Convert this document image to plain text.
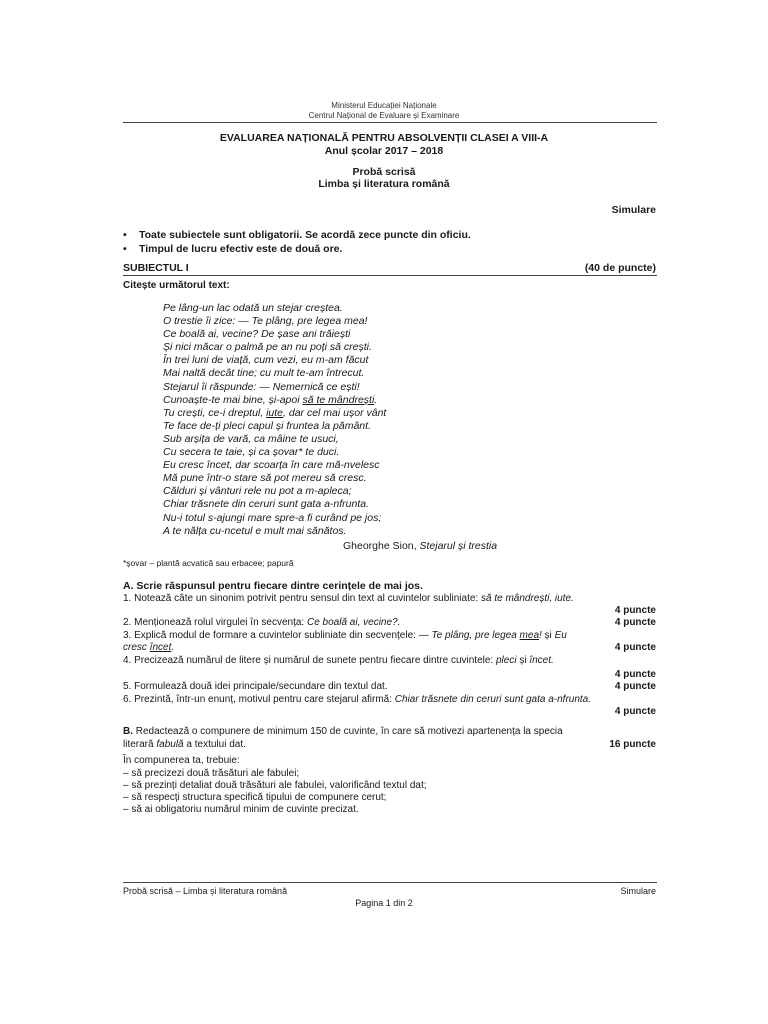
Ministerul Educației Naționale
Centrul Național de Evaluare și Examinare
EVALUAREA NAȚIONALĂ PENTRU ABSOLVENȚII CLASEI A VIII-A
Anul școlar 2017 – 2018
Probă scrisă
Limba și literatura română
Simulare
• Toate subiectele sunt obligatorii. Se acordă zece puncte din oficiu.
• Timpul de lucru efectiv este de două ore.
SUBIECTUL I	(40 de puncte)
Citește următorul text:
Pe lâng-un lac odată un stejar creștea.
O trestie îi zice: — Te plâng, pre legea mea!
Ce boală ai, vecine? De șase ani trăiești
Și nici măcar o palmă pe an nu poți să crești.
În trei luni de viață, cum vezi, eu m-am făcut
Mai naltă decât tine; cu mult te-am întrecut.
Stejarul îi răspunde: — Nemernică ce ești!
Cunoaște-te mai bine, și-apoi să te mândrești.
Tu crești, ce-i dreptul, iute, dar cel mai ușor vânt
Te face de-ți pleci capul și fruntea la pământ.
Sub arșița de vară, ca mâine te usuci,
Cu secera te taie, și ca șovar* te duci.
Eu cresc încet, dar scoarța în care mă-nvelesc
Mă pune într-o stare să pot mereu să cresc.
Călduri și vânturi rele nu pot a m-apleca;
Chiar trăsnete din ceruri sunt gata a-nfrunta.
Nu-i totul s-ajungi mare spre-a fi curând pe jos;
A te nălța cu-ncetul e mult mai sănătos.
Gheorghe Sion, Stejarul și trestia
*șovar – plantă acvatică sau erbacee; papură
A. Scrie răspunsul pentru fiecare dintre cerințele de mai jos.
1. Notează câte un sinonim potrivit pentru sensul din text al cuvintelor subliniate: să te mândrești, iute.
4 puncte
2. Menționează rolul virgulei în secvența: Ce boală ai, vecine?.	4 puncte
3. Explică modul de formare a cuvintelor subliniate din secvențele: — Te plâng, pre legea mea! și Eu
cresc încet.	4 puncte
4. Precizează numărul de litere și numărul de sunete pentru fiecare dintre cuvintele: pleci și încet.
4 puncte
5. Formulează două idei principale/secundare din textul dat.	4 puncte
6. Prezintă, într-un enunț, motivul pentru care stejarul afirmă: Chiar trăsnete din ceruri sunt gata a-nfrunta.
4 puncte
B. Redactează o compunere de minimum 150 de cuvinte, în care să motivezi apartenența la specia
literară fabulă a textului dat.	16 puncte
În compunerea ta, trebuie:
– să precizezi două trăsături ale fabulei;
– să prezinți detaliat două trăsături ale fabulei, valorificând textul dat;
– să respecți structura specifică tipului de compunere cerut;
– să ai obligatoriu numărul minim de cuvinte precizat.
Probă scrisă – Limba și literatura română	Simulare
Pagina 1 din 2
